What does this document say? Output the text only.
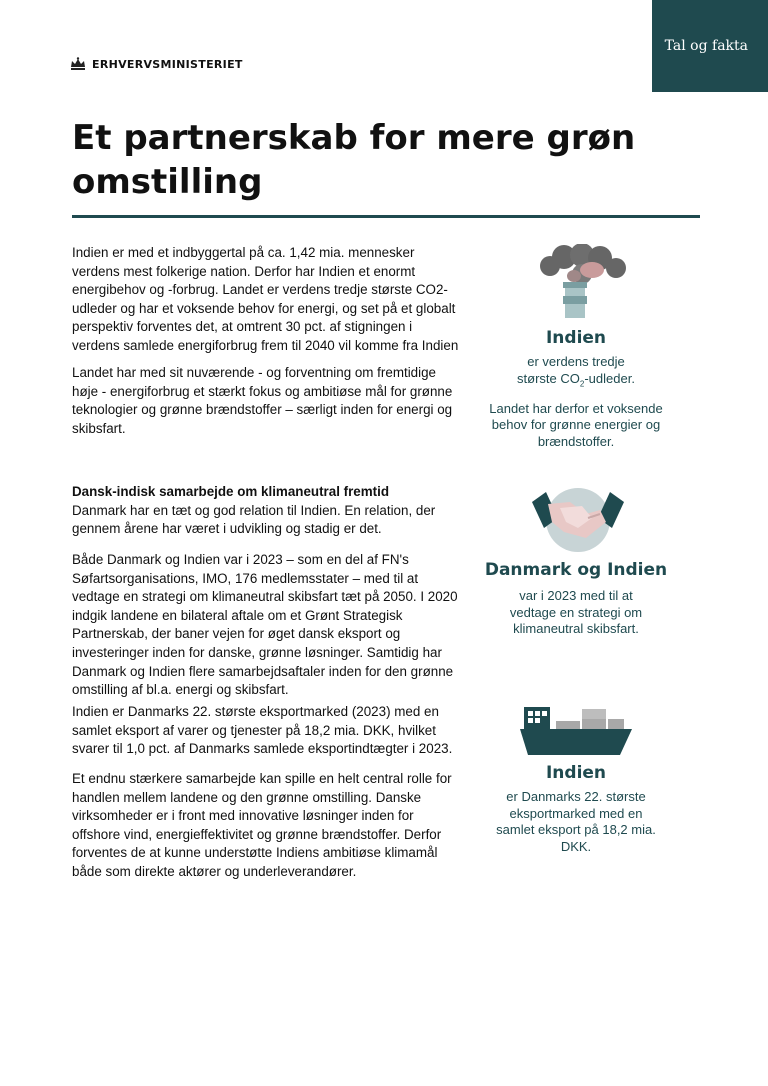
Tal og fakta
ERHVERVSMINISTERIET
Et partnerskab for mere grøn omstilling

Indien er med et indbyggertal på ca. 1,42 mia. mennesker verdens mest folkerige nation. Derfor har Indien et enormt energibehov og -forbrug. Landet er verdens tredje største CO2-udleder og har et voksende behov for energi, og set på et globalt perspektiv forventes det, at omtrent 30 pct. af stigningen i verdens samlede energiforbrug frem til 2040 vil komme fra Indien

Landet har med sit nuværende - og forventning om fremtidige høje - energiforbrug et stærkt fokus og ambitiøse mål for grønne teknologier og grønne brændstoffer – særligt inden for energi og skibsfart.

Dansk-indisk samarbejde om klimaneutral fremtid

Danmark har en tæt og god relation til Indien. En relation, der gennem årene har været i udvikling og stadig er det.

Både Danmark og Indien var i 2023 – som en del af FN's Søfartsorganisations, IMO, 176 medlemsstater – med til at vedtage en strategi om klimaneutral skibsfart tæt på 2050. I 2020 indgik landene en bilateral aftale om et Grønt Strategisk Partnerskab, der baner vejen for øget dansk eksport og investeringer inden for danske, grønne løsninger. Samtidig har Danmark og Indien flere samarbejdsaftaler inden for den grønne omstilling af bl.a. energi og skibsfart.

Indien er Danmarks 22. største eksportmarked (2023) med en samlet eksport af varer og tjenester på 18,2 mia. DKK, hvilket svarer til 1,0 pct. af Danmarks samlede eksportindtægter i 2023.

Et endnu stærkere samarbejde kan spille en helt central rolle for handlen mellem landene og den grønne omstilling. Danske virksomheder er i front med innovative løsninger inden for offshore vind, energieffektivitet og grønne brændstoffer. Derfor forventes de at kunne understøtte Indiens ambitiøse klimamål både som direkte aktører og underleverandører.

Indien

er verdens tredje
største $CO_2$-udleder.

Landet har derfor et voksende behov for grønne energier og brændstoffer.

Danmark og Indien

var i 2023 med til at vedtage en strategi om klimaneutral skibsfart.

Indien

er Danmarks 22. største eksportmarked med en samlet eksport på 18,2 mia. DKK.
